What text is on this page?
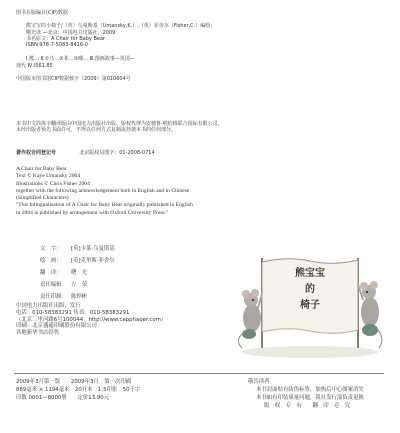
图书在版编目(CIP)数据

熊宝宝的小椅子/（英）乌曼斯基（Umansky,K.）,（英）菲舍尔（Fisher,C.）编绘；

曙光译.—北京：中国电力出版社，2009

书名原文：A Chair for Baby Bear

ISBN 978-7-5083-8416-0

Ⅰ.熊… Ⅱ.①乌…②菲…③曙… Ⅲ.图画故事—英国—

现代 Ⅳ.I561.85

中国版本图书馆CIP数据核字（2009）第010604号

本书中文简体字翻译版由中国电力出版社出版。版权代理为安德鲁·纳伯格联合国际有限公司，

未经出版者预先书面许可，不得以任何方式复制或抄袭本书的任何部分。

著作权合同登记号	北京版权局图字：01-2008-0714

A Chair for Baby Bear

Text © Kaye Umansky 2004

Illustrations © Chris Fisher 2004

together with the following acknowledgement both in English and in Chinese

(Simplified Characters)

"This bilingualisation of A Chair for Baby Bear originally published in English

in 2004 is published by arrangement with Oxford University Press."

文　字：	[英]卡莱·乌曼斯基
绘　画：	[英]克里斯·菲舍尔
翻　译：	曙　光
责任编辑：	方　荣
责任印制：	陈焊彬
熊宝宝
的
椅子

中国电力出版社出版、发行

电话：010-58383291 传真：010-58383291

（北京三里河路6号100044　http://www.cepphaoer.com）

印刷：北京盛通印刷股份有限公司

各地新华书店经售

2009年3月第一版　　2009年3月　第一次印刷

889毫米 × 1194毫米　20开本　1.5印张　50千字

印数 0001—8000册　　定价13.90元

敬告读者

本书封面贴有防伪标签，加热后中心图案消失

本书如有印装质量问题，我社发行部负责退换

版　权　专　有　　翻　印　必　究
